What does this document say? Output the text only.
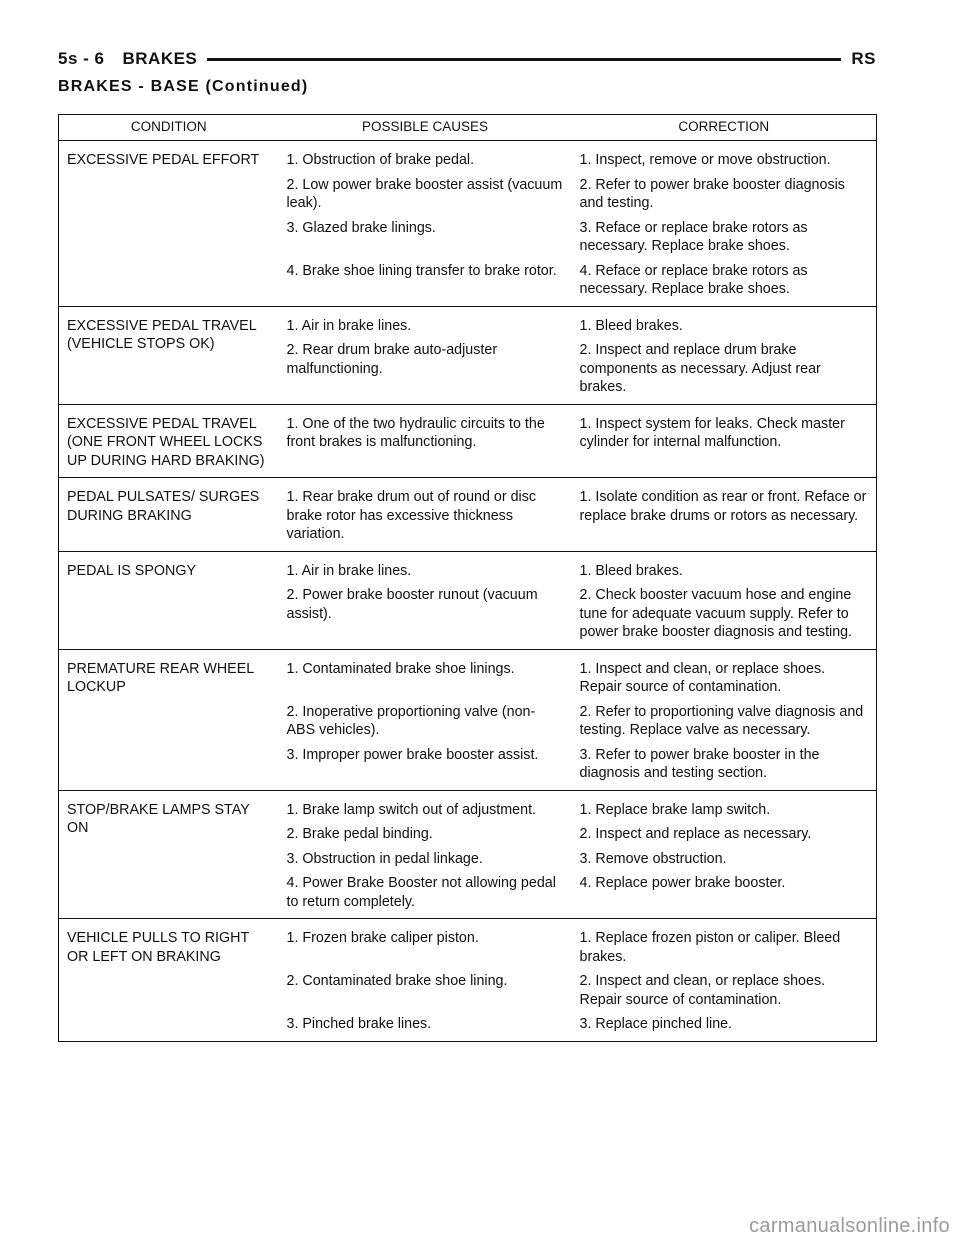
5s - 6 BRAKES	RS
BRAKES - BASE (Continued)
CONDITION	POSSIBLE CAUSES	CORRECTION
EXCESSIVE PEDAL EFFORT	1. Obstruction of brake pedal.	1. Inspect, remove or move obstruction.
	2. Low power brake booster assist (vacuum leak).	2. Refer to power brake booster diagnosis and testing.
	3. Glazed brake linings.	3. Reface or replace brake rotors as necessary. Replace brake shoes.
	4. Brake shoe lining transfer to brake rotor.	4. Reface or replace brake rotors as necessary. Replace brake shoes.
EXCESSIVE PEDAL TRAVEL (VEHICLE STOPS OK)	1. Air in brake lines.	1. Bleed brakes.
	2. Rear drum brake auto-adjuster malfunctioning.	2. Inspect and replace drum brake components as necessary. Adjust rear brakes.
EXCESSIVE PEDAL TRAVEL (ONE FRONT WHEEL LOCKS UP DURING HARD BRAKING)	1. One of the two hydraulic circuits to the front brakes is malfunctioning.	1. Inspect system for leaks. Check master cylinder for internal malfunction.
PEDAL PULSATES/ SURGES DURING BRAKING	1. Rear brake drum out of round or disc brake rotor has excessive thickness variation.	1. Isolate condition as rear or front. Reface or replace brake drums or rotors as necessary.
PEDAL IS SPONGY	1. Air in brake lines.	1. Bleed brakes.
	2. Power brake booster runout (vacuum assist).	2. Check booster vacuum hose and engine tune for adequate vacuum supply. Refer to power brake booster diagnosis and testing.
PREMATURE REAR WHEEL LOCKUP	1. Contaminated brake shoe linings.	1. Inspect and clean, or replace shoes. Repair source of contamination.
	2. Inoperative proportioning valve (non-ABS vehicles).	2. Refer to proportioning valve diagnosis and testing. Replace valve as necessary.
	3. Improper power brake booster assist.	3. Refer to power brake booster in the diagnosis and testing section.
STOP/BRAKE LAMPS STAY ON	1. Brake lamp switch out of adjustment.	1. Replace brake lamp switch.
	2. Brake pedal binding.	2. Inspect and replace as necessary.
	3. Obstruction in pedal linkage.	3. Remove obstruction.
	4. Power Brake Booster not allowing pedal to return completely.	4. Replace power brake booster.
VEHICLE PULLS TO RIGHT OR LEFT ON BRAKING	1. Frozen brake caliper piston.	1. Replace frozen piston or caliper. Bleed brakes.
	2. Contaminated brake shoe lining.	2. Inspect and clean, or replace shoes. Repair source of contamination.
	3. Pinched brake lines.	3. Replace pinched line.
carmanualsonline.info
